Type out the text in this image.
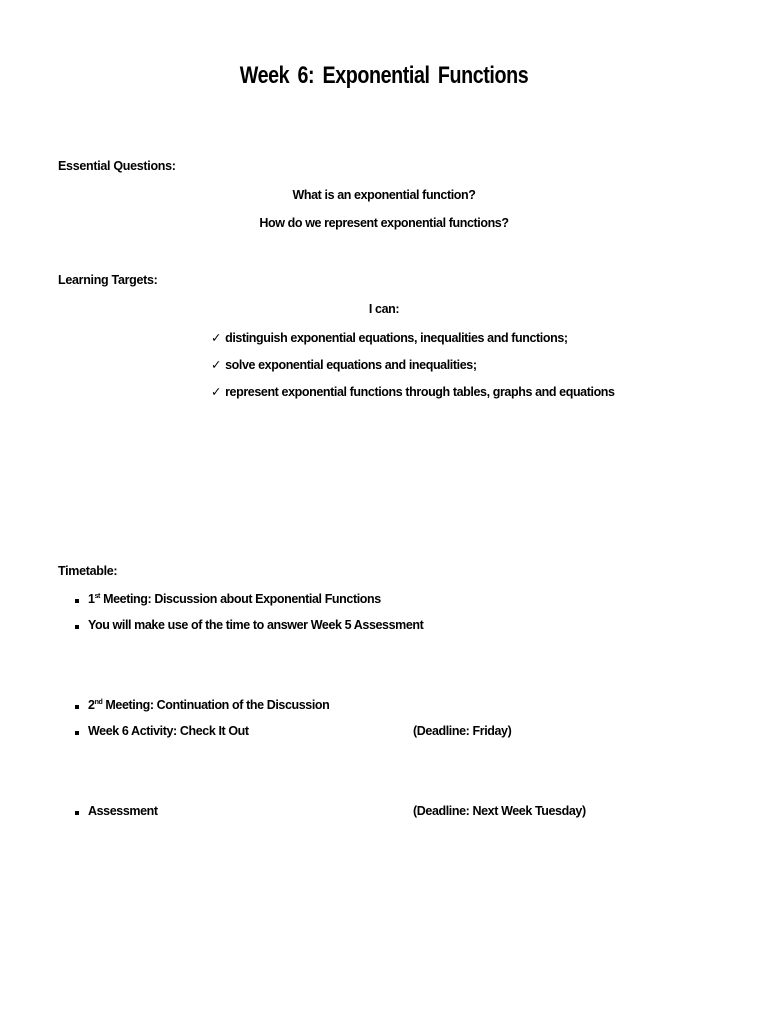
Week 6: Exponential Functions
Essential Questions:
What is an exponential function?
How do we represent exponential functions?
Learning Targets:
I can:
✓ distinguish exponential equations, inequalities and functions;
✓ solve exponential equations and inequalities;
✓ represent exponential functions through tables, graphs and equations
Timetable:
1st Meeting: Discussion about Exponential Functions
You will make use of the time to answer Week 5 Assessment
2nd Meeting: Continuation of the Discussion
Week 6 Activity: Check It Out	(Deadline: Friday)
Assessment	(Deadline: Next Week Tuesday)
